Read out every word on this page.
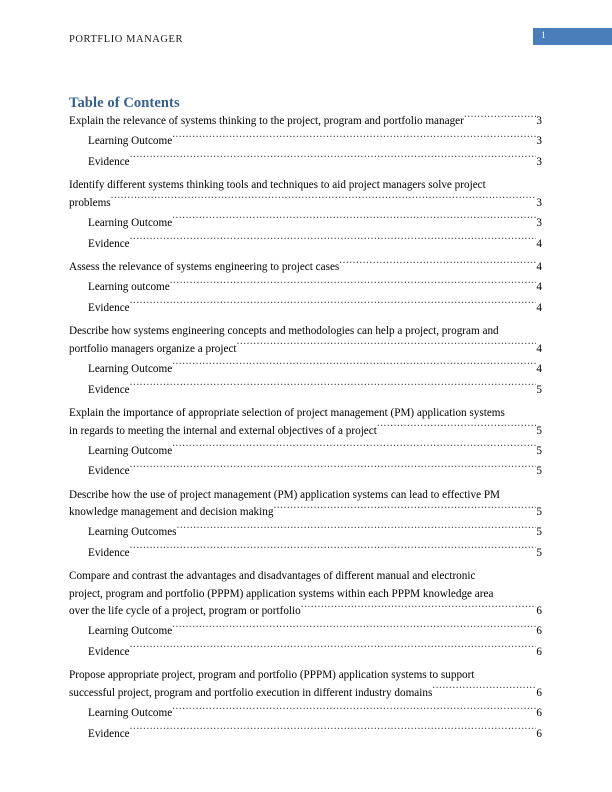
PORTFLIO MANAGER	1
Table of Contents
Explain the relevance of systems thinking to the project, program and portfolio manager .....	3
Learning Outcome .....	3
Evidence .....	3
Identify different systems thinking tools and techniques to aid project managers solve project
problems .....	3
Learning Outcome .....	3
Evidence .....	4
Assess the relevance of systems engineering to project cases .....	4
Learning outcome .....	4
Evidence .....	4
Describe how systems engineering concepts and methodologies can help a project, program and
portfolio managers organize a project .....	4
Learning Outcome .....	4
Evidence .....	5
Explain the importance of appropriate selection of project management (PM) application systems
in regards to meeting the internal and external objectives of a project .....	5
Learning Outcome .....	5
Evidence .....	5
Describe how the use of project management (PM) application systems can lead to effective PM
knowledge management and decision making .....	5
Learning Outcomes .....	5
Evidence .....	5
Compare and contrast the advantages and disadvantages of different manual and electronic
project, program and portfolio (PPPM) application systems within each PPPM knowledge area
over the life cycle of a project, program or portfolio .....	6
Learning Outcome .....	6
Evidence .....	6
Propose appropriate project, program and portfolio (PPPM) application systems to support
successful project, program and portfolio execution in different industry domains .....	6
Learning Outcome .....	6
Evidence .....	6
